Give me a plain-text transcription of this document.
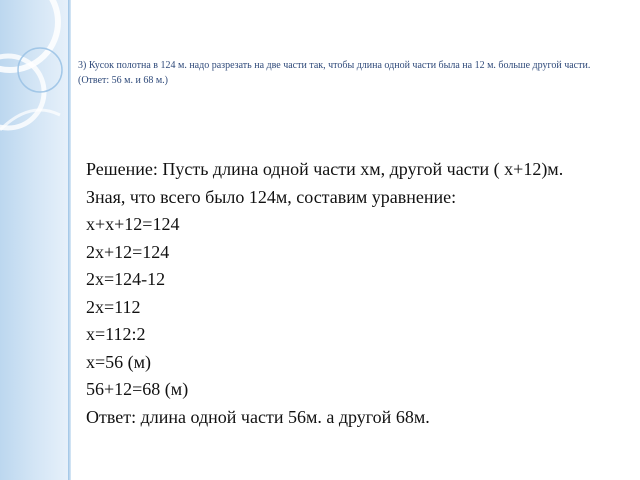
3) Кусок полотна в 124 м. надо разрезать на две части так, чтобы длина одной части была на 12 м. больше другой части. (Ответ: 56 м. и 68 м.)

Решение: Пусть длина одной части хм, другой части ( х+12)м. Зная, что всего было 124м, составим уравнение:

х+х+12=124

2х+12=124

2х=124-12

2х=112

х=112:2

х=56 (м)

56+12=68 (м)

Ответ: длина одной части 56м. а другой 68м.
